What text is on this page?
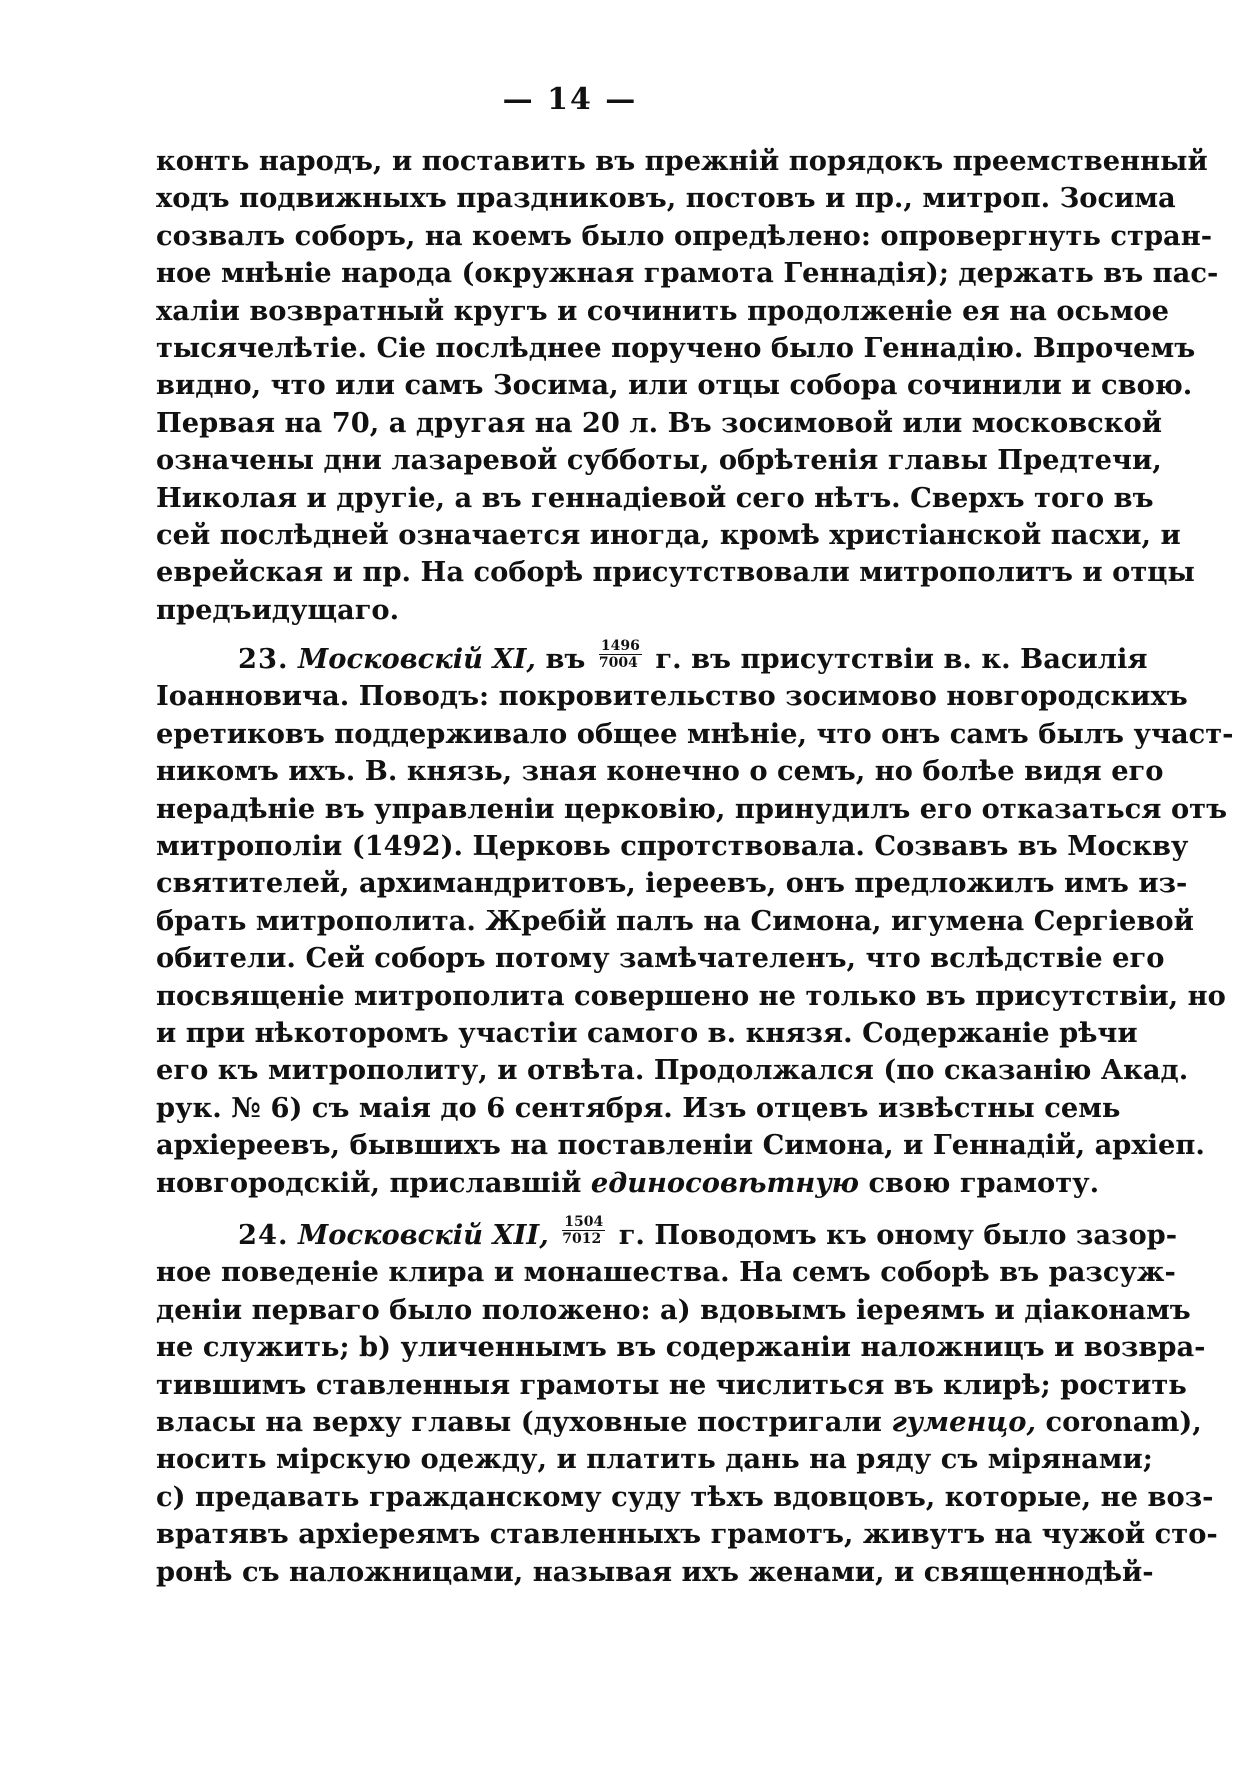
— 14 —
конть народъ, и поставить въ прежній порядокъ преемственный
ходъ подвижныхъ праздниковъ, постовъ и пр., митроп. Зосима
созвалъ соборъ, на коемъ было опредѣлено: опровергнуть стран-
ное мнѣніе народа (окружная грамота Геннадія); держать въ пас-
халіи возвратный кругъ и сочинить продолженіе ея на осьмое
тысячелѣтіе. Сіе послѣднее поручено было Геннадію. Впрочемъ
видно, что или самъ Зосима, или отцы собора сочинили и свою.
Первая на 70, а другая на 20 л. Въ зосимовой или московской
означены дни лазаревой субботы, обрѣтенія главы Предтечи,
Николая и другіе, а въ геннадіевой сего нѣтъ. Сверхъ того въ
сей послѣдней означается иногда, кромѣ христіанской пасхи, и
еврейская и пр. На соборѣ присутствовали митрополитъ и отцы
предъидущаго.
23. Московскій XI, въ $\frac{1496}{7004} г$. въ присутствіи в. к. Василія
Іоанновича. Поводъ: покровительство зосимово новгородскихъ
еретиковъ поддерживало общее мнѣніе, что онъ самъ былъ участ-
никомъ ихъ. В. князь, зная конечно о семъ, но болѣе видя его
нерадѣніе въ управленіи церковію, принудилъ его отказаться отъ
митрополіи (1492). Церковь спротствовала. Созвавъ въ Москву
святителей, архимандритовъ, іереевъ, онъ предложилъ имъ из-
брать митрополита. Жребій палъ на Симона, игумена Сергіевой
обители. Сей соборъ потому замѣчателенъ, что вслѣдствіе его
посвященіе митрополита совершено не только въ присутствіи, но
и при нѣкоторомъ участіи самого в. князя. Содержаніе рѣчи
его къ митрополиту, и отвѣта. Продолжался (по сказанію Акад.
рук. № 6) съ маія до 6 сентября. Изъ отцевъ извѣстны семь
архіереевъ, бывшихъ на поставленіи Симона, и Геннадій, архіеп.
новгородскій, приславшій единосовѣтную свою грамоту.
24. Московскій XII, $\frac{1504}{7012} г$. Поводомъ къ оному было зазор-
ное поведеніе клира и монашества. На семъ соборѣ въ разсуж-
деніи перваго было положено: a) вдовымъ іереямъ и діаконамъ
не служить; b) уличеннымъ въ содержаніи наложницъ и возвра-
тившимъ ставленныя грамоты не числиться въ клирѣ; ростить
власы на верху главы (духовные постригали гуменцо, coronam),
носить мірскую одежду, и платить дань на ряду съ мірянами;
c) предавать гражданскому суду тѣхъ вдовцовъ, которые, не воз-
вратявъ архіереямъ ставленныхъ грамотъ, живутъ на чужой сто-
ронѣ съ наложницами, называя ихъ женами, и священнодѣй-
